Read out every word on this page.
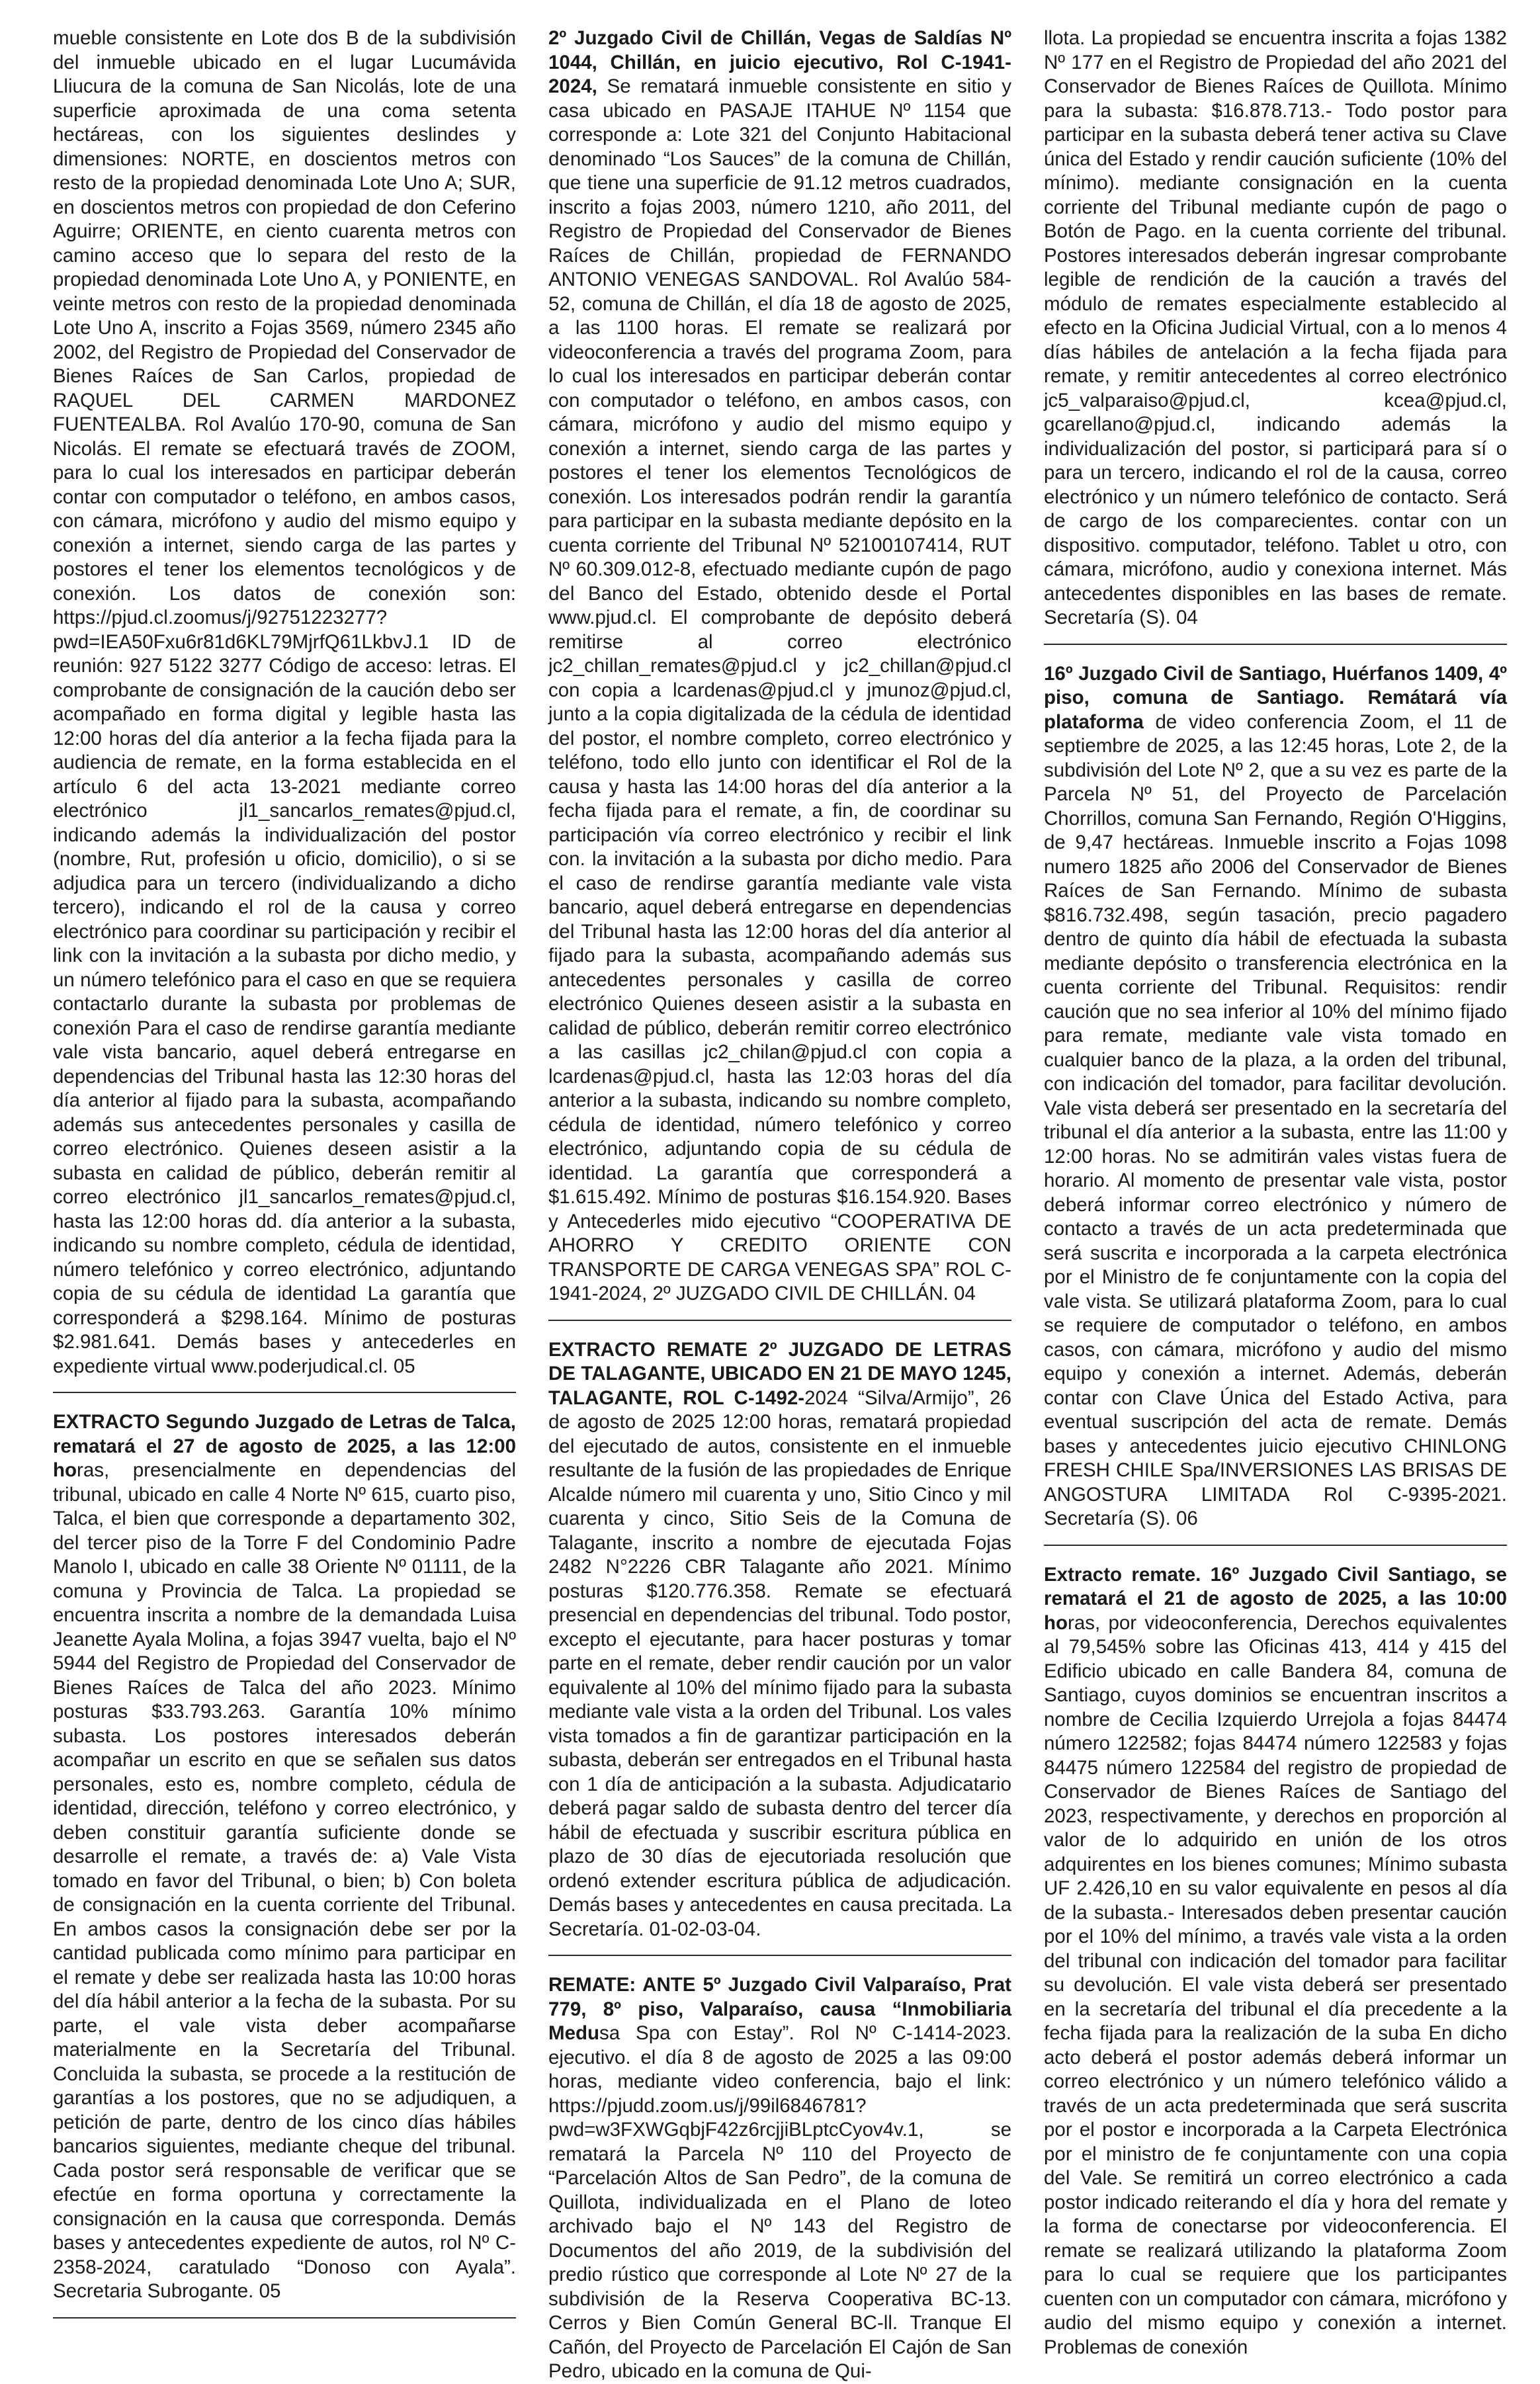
mueble consistente en Lote dos B de la subdivisión del inmueble ubicado en el lugar Lucumávida Lliucura de la comuna de San Nicolás, lote de una superficie aproximada de una coma setenta hectáreas, con los siguientes deslindes y dimensiones: NORTE, en doscientos metros con resto de la propiedad denominada Lote Uno A; SUR, en doscientos metros con propiedad de don Ceferino Aguirre; ORIENTE, en ciento cuarenta metros con camino acceso que lo separa del resto de la propiedad denominada Lote Uno A, y PONIENTE, en veinte metros con resto de la propiedad denominada Lote Uno A, inscrito a Fojas 3569, número 2345 año 2002, del Registro de Propiedad del Conservador de Bienes Raíces de San Carlos, propiedad de RAQUEL DEL CARMEN MARDONEZ FUENTEALBA. Rol Avalúo 170-90, comuna de San Nicolás. El remate se efectuará través de ZOOM, para lo cual los interesados en participar deberán contar con computador o teléfono, en ambos casos, con cámara, micrófono y audio del mismo equipo y conexión a internet, siendo carga de las partes y postores el tener los elementos tecnológicos y de conexión. Los datos de conexión son: https://pjud.cl.zoomus/j/92751223277?pwd=IEA50Fxu6r81d6KL79MjrfQ61LkbvJ.1 ID de reunión: 927 5122 3277 Código de acceso: letras. El comprobante de consignación de la caución debo ser acompañado en forma digital y legible hasta las 12:00 horas del día anterior a la fecha fijada para la audiencia de remate, en la forma establecida en el artículo 6 del acta 13-2021 mediante correo electrónico jl1_sancarlos_remates@pjud.cl, indicando además la individualización del postor (nombre, Rut, profesión u oficio, domicilio), o si se adjudica para un tercero (individualizando a dicho tercero), indicando el rol de la causa y correo electrónico para coordinar su participación y recibir el link con la invitación a la subasta por dicho medio, y un número telefónico para el caso en que se requiera contactarlo durante la subasta por problemas de conexión Para el caso de rendirse garantía mediante vale vista bancario, aquel deberá entregarse en dependencias del Tribunal hasta las 12:30 horas del día anterior al fijado para la subasta, acompañando además sus antecedentes personales y casilla de correo electrónico. Quienes deseen asistir a la subasta en calidad de público, deberán remitir al correo electrónico jl1_sancarlos_remates@pjud.cl, hasta las 12:00 horas dd. día anterior a la subasta, indicando su nombre completo, cédula de identidad, número telefónico y correo electrónico, adjuntando copia de su cédula de identidad La garantía que corresponderá a $298.164. Mínimo de posturas $2.981.641. Demás bases y antecederles en expediente virtual www.poderjudical.cl. 05

EXTRACTO Segundo Juzgado de Letras de Talca, rematará el 27 de agosto de 2025, a las 12:00 horas, presencialmente en dependencias del tribunal, ubicado en calle 4 Norte Nº 615, cuarto piso, Talca, el bien que corresponde a departamento 302, del tercer piso de la Torre F del Condominio Padre Manolo I, ubicado en calle 38 Oriente Nº 01111, de la comuna y Provincia de Talca. La propiedad se encuentra inscrita a nombre de la demandada Luisa Jeanette Ayala Molina, a fojas 3947 vuelta, bajo el Nº 5944 del Registro de Propiedad del Conservador de Bienes Raíces de Talca del año 2023. Mínimo posturas $33.793.263. Garantía 10% mínimo subasta. Los postores interesados deberán acompañar un escrito en que se señalen sus datos personales, esto es, nombre completo, cédula de identidad, dirección, teléfono y correo electrónico, y deben constituir garantía suficiente donde se desarrolle el remate, a través de: a) Vale Vista tomado en favor del Tribunal, o bien; b) Con boleta de consignación en la cuenta corriente del Tribunal. En ambos casos la consignación debe ser por la cantidad publicada como mínimo para participar en el remate y debe ser realizada hasta las 10:00 horas del día hábil anterior a la fecha de la subasta. Por su parte, el vale vista deber acompañarse materialmente en la Secretaría del Tribunal. Concluida la subasta, se procede a la restitución de garantías a los postores, que no se adjudiquen, a petición de parte, dentro de los cinco días hábiles bancarios siguientes, mediante cheque del tribunal. Cada postor será responsable de verificar que se efectúe en forma oportuna y correctamente la consignación en la causa que corresponda. Demás bases y antecedentes expediente de autos, rol Nº C-2358-2024, caratulado “Donoso con Ayala”. Secretaria Subrogante. 05

2º Juzgado Civil de Chillán, Vegas de Saldías Nº 1044, Chillán, en juicio ejecutivo, Rol C-1941-2024, Se rematará inmueble consistente en sitio y casa ubicado en PASAJE ITAHUE Nº 1154 que corresponde a: Lote 321 del Conjunto Habitacional denominado “Los Sauces” de la comuna de Chillán, que tiene una superficie de 91.12 metros cuadrados, inscrito a fojas 2003, número 1210, año 2011, del Registro de Propiedad del Conservador de Bienes Raíces de Chillán, propiedad de FERNANDO ANTONIO VENEGAS SANDOVAL. Rol Avalúo 584-52, comuna de Chillán, el día 18 de agosto de 2025, a las 1100 horas. El remate se realizará por videoconferencia a través del programa Zoom, para lo cual los interesados en participar deberán contar con computador o teléfono, en ambos casos, con cámara, micrófono y audio del mismo equipo y conexión a internet, siendo carga de las partes y postores el tener los elementos Tecnológicos de conexión. Los interesados podrán rendir la garantía para participar en la subasta mediante depósito en la cuenta corriente del Tribunal Nº 52100107414, RUT Nº 60.309.012-8, efectuado mediante cupón de pago del Banco del Estado, obtenido desde el Portal www.pjud.cl. El comprobante de depósito deberá remitirse al correo electrónico jc2_chillan_remates@pjud.cl y jc2_chillan@pjud.cl con copia a lcardenas@pjud.cl y jmunoz@pjud.cl, junto a la copia digitalizada de la cédula de identidad del postor, el nombre completo, correo electrónico y teléfono, todo ello junto con identificar el Rol de la causa y hasta las 14:00 horas del día anterior a la fecha fijada para el remate, a fin, de coordinar su participación vía correo electrónico y recibir el link con. la invitación a la subasta por dicho medio. Para el caso de rendirse garantía mediante vale vista bancario, aquel deberá entregarse en dependencias del Tribunal hasta las 12:00 horas del día anterior al fijado para la subasta, acompañando además sus antecedentes personales y casilla de correo electrónico Quienes deseen asistir a la subasta en calidad de público, deberán remitir correo electrónico a las casillas jc2_chilan@pjud.cl con copia a lcardenas@pjud.cl, hasta las 12:03 horas del día anterior a la subasta, indicando su nombre completo, cédula de identidad, número telefónico y correo electrónico, adjuntando copia de su cédula de identidad. La garantía que corresponderá a $1.615.492. Mínimo de posturas $16.154.920. Bases y Antecederles mido ejecutivo “COOPERATIVA DE AHORRO Y CREDITO ORIENTE CON TRANSPORTE DE CARGA VENEGAS SPA” ROL C-1941-2024, 2º JUZGADO CIVIL DE CHILLÁN. 04

EXTRACTO REMATE 2º JUZGADO DE LETRAS DE TALAGANTE, UBICADO EN 21 DE MAYO 1245, TALAGANTE, ROL C-1492-2024 “Silva/Armijo”, 26 de agosto de 2025 12:00 horas, rematará propiedad del ejecutado de autos, consistente en el inmueble resultante de la fusión de las propiedades de Enrique Alcalde número mil cuarenta y uno, Sitio Cinco y mil cuarenta y cinco, Sitio Seis de la Comuna de Talagante, inscrito a nombre de ejecutada Fojas 2482 N°2226 CBR Talagante año 2021. Mínimo posturas $120.776.358. Remate se efectuará presencial en dependencias del tribunal. Todo postor, excepto el ejecutante, para hacer posturas y tomar parte en el remate, deber rendir caución por un valor equivalente al 10% del mínimo fijado para la subasta mediante vale vista a la orden del Tribunal. Los vales vista tomados a fin de garantizar participación en la subasta, deberán ser entregados en el Tribunal hasta con 1 día de anticipación a la subasta. Adjudicatario deberá pagar saldo de subasta dentro del tercer día hábil de efectuada y suscribir escritura pública en plazo de 30 días de ejecutoriada resolución que ordenó extender escritura pública de adjudicación. Demás bases y antecedentes en causa precitada. La Secretaría. 01-02-03-04.

REMATE: ANTE 5º Juzgado Civil Valparaíso, Prat 779, 8º piso, Valparaíso, causa “Inmobiliaria Medusa Spa con Estay”. Rol Nº C-1414-2023. ejecutivo. el día 8 de agosto de 2025 a las 09:00 horas, mediante video conferencia, bajo el link: https://pjudd.zoom.us/j/99il6846781?pwd=w3FXWGqbjF42z6rcjjiBLptcCyov4v.1, se rematará la Parcela Nº 110 del Proyecto de “Parcelación Altos de San Pedro”, de la comuna de Quillota, individualizada en el Plano de loteo archivado bajo el Nº 143 del Registro de Documentos del año 2019, de la subdivisión del predio rústico que corresponde al Lote Nº 27 de la subdivisión de la Reserva Cooperativa BC-13. Cerros y Bien Común General BC-ll. Tranque El Cañón, del Proyecto de Parcelación El Cajón de San Pedro, ubicado en la comuna de Qui-

llota. La propiedad se encuentra inscrita a fojas 1382 Nº 177 en el Registro de Propiedad del año 2021 del Conservador de Bienes Raíces de Quillota. Mínimo para la subasta: $16.878.713.- Todo postor para participar en la subasta deberá tener activa su Clave única del Estado y rendir caución suficiente (10% del mínimo). mediante consignación en la cuenta corriente del Tribunal mediante cupón de pago o Botón de Pago. en la cuenta corriente del tribunal. Postores interesados deberán ingresar comprobante legible de rendición de la caución a través del módulo de remates especialmente establecido al efecto en la Oficina Judicial Virtual, con a lo menos 4 días hábiles de antelación a la fecha fijada para remate, y remitir antecedentes al correo electrónico jc5_valparaiso@pjud.cl, kcea@pjud.cl, gcarellano@pjud.cl, indicando además la individualización del postor, si participará para sí o para un tercero, indicando el rol de la causa, correo electrónico y un número telefónico de contacto. Será de cargo de los comparecientes. contar con un dispositivo. computador, teléfono. Tablet u otro, con cámara, micrófono, audio y conexiona internet. Más antecedentes disponibles en las bases de remate. Secretaría (S). 04

16º Juzgado Civil de Santiago, Huérfanos 1409, 4º piso, comuna de Santiago. Remátará vía plataforma de video conferencia Zoom, el 11 de septiembre de 2025, a las 12:45 horas, Lote 2, de la subdivisión del Lote Nº 2, que a su vez es parte de la Parcela Nº 51, del Proyecto de Parcelación Chorrillos, comuna San Fernando, Región O'Higgins, de 9,47 hectáreas. Inmueble inscrito a Fojas 1098 numero 1825 año 2006 del Conservador de Bienes Raíces de San Fernando. Mínimo de subasta $816.732.498, según tasación, precio pagadero dentro de quinto día hábil de efectuada la subasta mediante depósito o transferencia electrónica en la cuenta corriente del Tribunal. Requisitos: rendir caución que no sea inferior al 10% del mínimo fijado para remate, mediante vale vista tomado en cualquier banco de la plaza, a la orden del tribunal, con indicación del tomador, para facilitar devolución. Vale vista deberá ser presentado en la secretaría del tribunal el día anterior a la subasta, entre las 11:00 y 12:00 horas. No se admitirán vales vistas fuera de horario. Al momento de presentar vale vista, postor deberá informar correo electrónico y número de contacto a través de un acta predeterminada que será suscrita e incorporada a la carpeta electrónica por el Ministro de fe conjuntamente con la copia del vale vista. Se utilizará plataforma Zoom, para lo cual se requiere de computador o teléfono, en ambos casos, con cámara, micrófono y audio del mismo equipo y conexión a internet. Además, deberán contar con Clave Única del Estado Activa, para eventual suscripción del acta de remate. Demás bases y antecedentes juicio ejecutivo CHINLONG FRESH CHILE Spa/INVERSIONES LAS BRISAS DE ANGOSTURA LIMITADA Rol C-9395-2021. Secretaría (S). 06

Extracto remate. 16º Juzgado Civil Santiago, se rematará el 21 de agosto de 2025, a las 10:00 horas, por videoconferencia, Derechos equivalentes al 79,545% sobre las Oficinas 413, 414 y 415 del Edificio ubicado en calle Bandera 84, comuna de Santiago, cuyos dominios se encuentran inscritos a nombre de Cecilia Izquierdo Urrejola a fojas 84474 número 122582; fojas 84474 número 122583 y fojas 84475 número 122584 del registro de propiedad de Conservador de Bienes Raíces de Santiago del 2023, respectivamente, y derechos en proporción al valor de lo adquirido en unión de los otros adquirentes en los bienes comunes; Mínimo subasta UF 2.426,10 en su valor equivalente en pesos al día de la subasta.- Interesados deben presentar caución por el 10% del mínimo, a través vale vista a la orden del tribunal con indicación del tomador para facilitar su devolución. El vale vista deberá ser presentado en la secretaría del tribunal el día precedente a la fecha fijada para la realización de la suba En dicho acto deberá el postor además deberá informar un correo electrónico y un número telefónico válido a través de un acta predeterminada que será suscrita por el postor e incorporada a la Carpeta Electrónica por el ministro de fe conjuntamente con una copia del Vale. Se remitirá un correo electrónico a cada postor indicado reiterando el día y hora del remate y la forma de conectarse por videoconferencia. El remate se realizará utilizando la plataforma Zoom para lo cual se requiere que los participantes cuenten con un computador con cámara, micrófono y audio del mismo equipo y conexión a internet. Problemas de conexión
